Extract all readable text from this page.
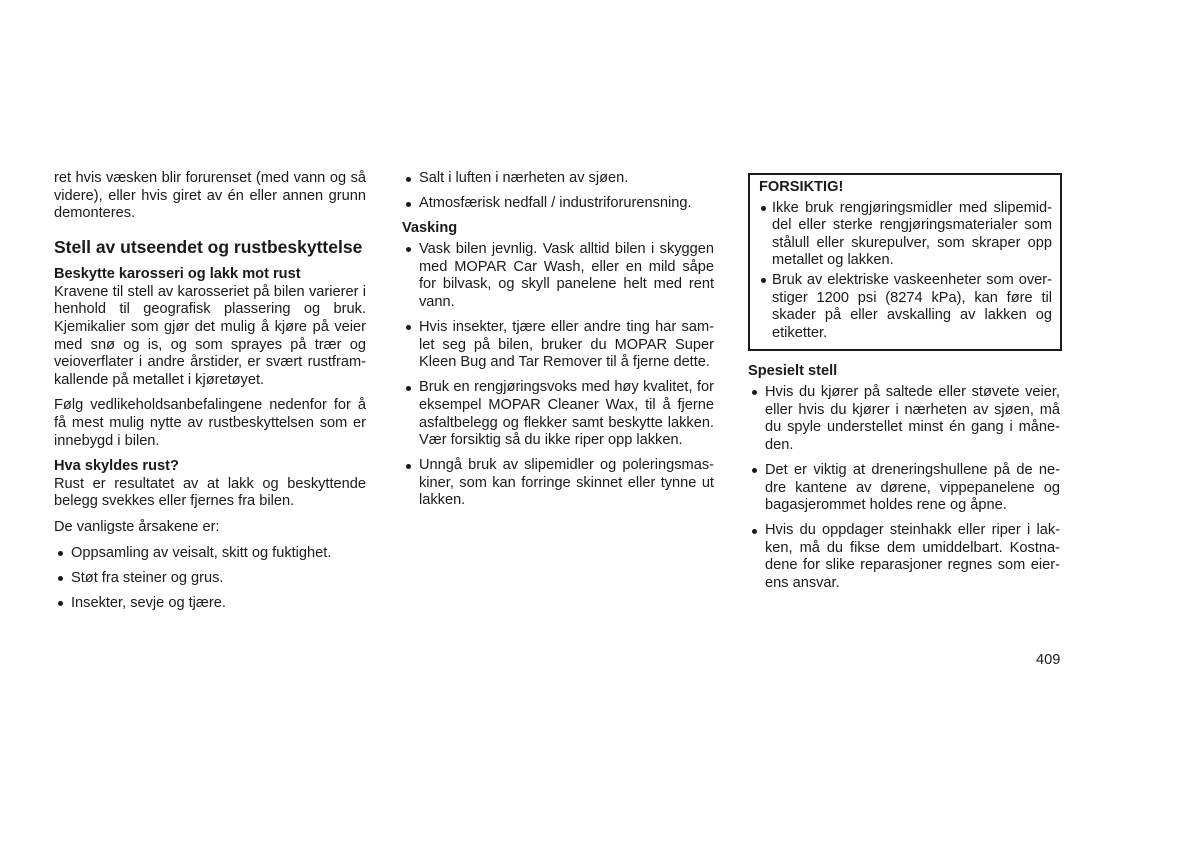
ret hvis væsken blir forurenset (med vann og så videre), eller hvis giret av én eller annen grunn demonteres.

Stell av utseendet og rustbeskyttelse
Beskytte karosseri og lakk mot rust

Kravene til stell av karosseriet på bilen varierer i henhold til geografisk plassering og bruk. Kjemikalier som gjør det mulig å kjøre på veier med snø og is, og som sprayes på trær og veioverflater i andre årstider, er svært rustframkallende på metallet i kjøretøyet.

Følg vedlikeholdsanbefalingene nedenfor for å få mest mulig nytte av rustbeskyttelsen som er innebygd i bilen.

Hva skyldes rust?

Rust er resultatet av at lakk og beskyttende belegg svekkes eller fjernes fra bilen.

De vanligste årsakene er:

Oppsamling av veisalt, skitt og fuktighet.
Støt fra steiner og grus.
Insekter, sevje og tjære.
Salt i luften i nærheten av sjøen.
Atmosfærisk nedfall / industriforurensning.
Vasking
Vask bilen jevnlig. Vask alltid bilen i skyggen med MOPAR Car Wash, eller en mild såpe for bilvask, og skyll panelene helt med rent vann.
Hvis insekter, tjære eller andre ting har samlet seg på bilen, bruker du MOPAR Super Kleen Bug and Tar Remover til å fjerne dette.
Bruk en rengjøringsvoks med høy kvalitet, for eksempel MOPAR Cleaner Wax, til å fjerne asfaltbelegg og flekker samt beskytte lakken. Vær forsiktig så du ikke riper opp lakken.
Unngå bruk av slipemidler og poleringsmaskiner, som kan forringe skinnet eller tynne ut lakken.
FORSIKTIG!
Ikke bruk rengjøringsmidler med slipemiddel eller sterke rengjøringsmaterialer som stålull eller skurepulver, som skraper opp metallet og lakken.
Bruk av elektriske vaskeenheter som overstiger 1200 psi (8274 kPa), kan føre til skader på eller avskalling av lakken og etiketter.
Spesielt stell
Hvis du kjører på saltede eller støvete veier, eller hvis du kjører i nærheten av sjøen, må du spyle understellet minst én gang i måneden.
Det er viktig at dreneringshullene på de nedre kantene av dørene, vippepanelene og bagasjerommet holdes rene og åpne.
Hvis du oppdager steinhakk eller riper i lakken, må du fikse dem umiddelbart. Kostnadene for slike reparasjoner regnes som eierens ansvar.
409
